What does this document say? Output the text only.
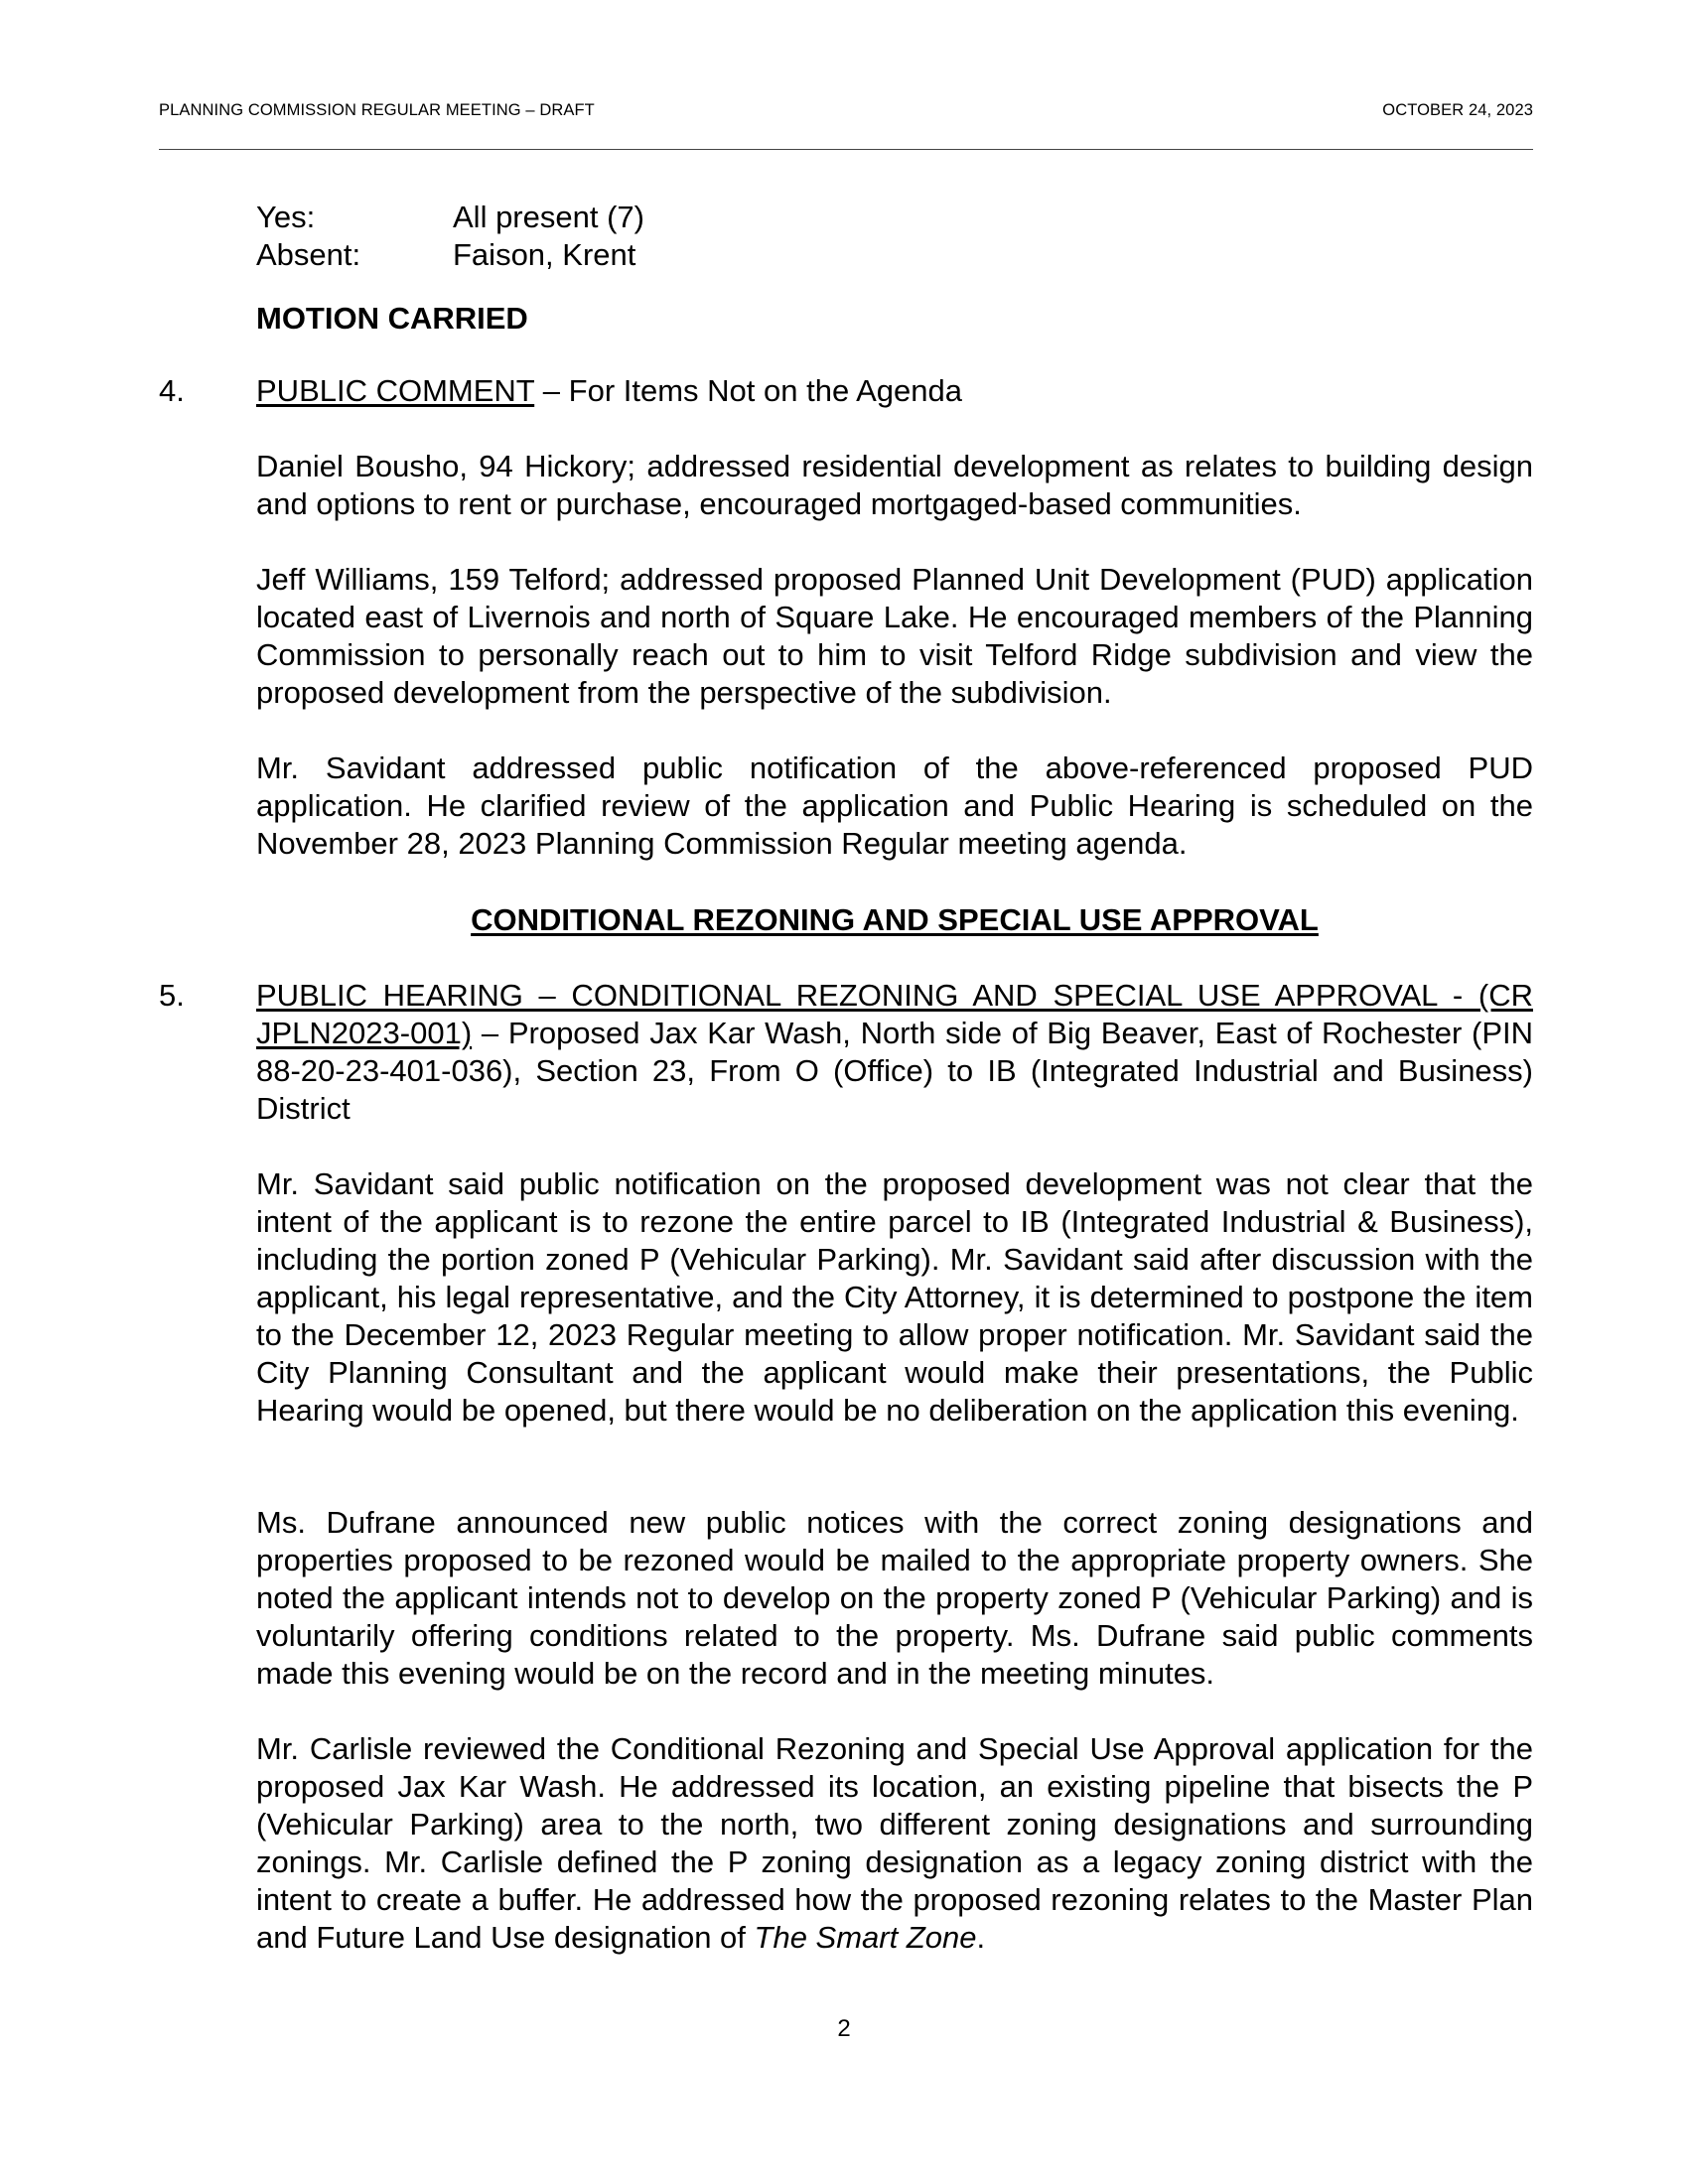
PLANNING COMMISSION REGULAR MEETING – DRAFT	OCTOBER 24, 2023
Yes:	All present (7)
Absent:	Faison, Krent
MOTION CARRIED
4. PUBLIC COMMENT – For Items Not on the Agenda
Daniel Bousho, 94 Hickory; addressed residential development as relates to building design and options to rent or purchase, encouraged mortgaged-based communities.
Jeff Williams, 159 Telford; addressed proposed Planned Unit Development (PUD) application located east of Livernois and north of Square Lake. He encouraged members of the Planning Commission to personally reach out to him to visit Telford Ridge subdivision and view the proposed development from the perspective of the subdivision.
Mr. Savidant addressed public notification of the above-referenced proposed PUD application. He clarified review of the application and Public Hearing is scheduled on the November 28, 2023 Planning Commission Regular meeting agenda.
CONDITIONAL REZONING AND SPECIAL USE APPROVAL
5. PUBLIC HEARING – CONDITIONAL REZONING AND SPECIAL USE APPROVAL - (CR JPLN2023-001) – Proposed Jax Kar Wash, North side of Big Beaver, East of Rochester (PIN 88-20-23-401-036), Section 23, From O (Office) to IB (Integrated Industrial and Business) District
Mr. Savidant said public notification on the proposed development was not clear that the intent of the applicant is to rezone the entire parcel to IB (Integrated Industrial & Business), including the portion zoned P (Vehicular Parking). Mr. Savidant said after discussion with the applicant, his legal representative, and the City Attorney, it is determined to postpone the item to the December 12, 2023 Regular meeting to allow proper notification. Mr. Savidant said the City Planning Consultant and the applicant would make their presentations, the Public Hearing would be opened, but there would be no deliberation on the application this evening.
Ms. Dufrane announced new public notices with the correct zoning designations and properties proposed to be rezoned would be mailed to the appropriate property owners. She noted the applicant intends not to develop on the property zoned P (Vehicular Parking) and is voluntarily offering conditions related to the property. Ms. Dufrane said public comments made this evening would be on the record and in the meeting minutes.
Mr. Carlisle reviewed the Conditional Rezoning and Special Use Approval application for the proposed Jax Kar Wash. He addressed its location, an existing pipeline that bisects the P (Vehicular Parking) area to the north, two different zoning designations and surrounding zonings. Mr. Carlisle defined the P zoning designation as a legacy zoning district with the intent to create a buffer. He addressed how the proposed rezoning relates to the Master Plan and Future Land Use designation of The Smart Zone.
2
